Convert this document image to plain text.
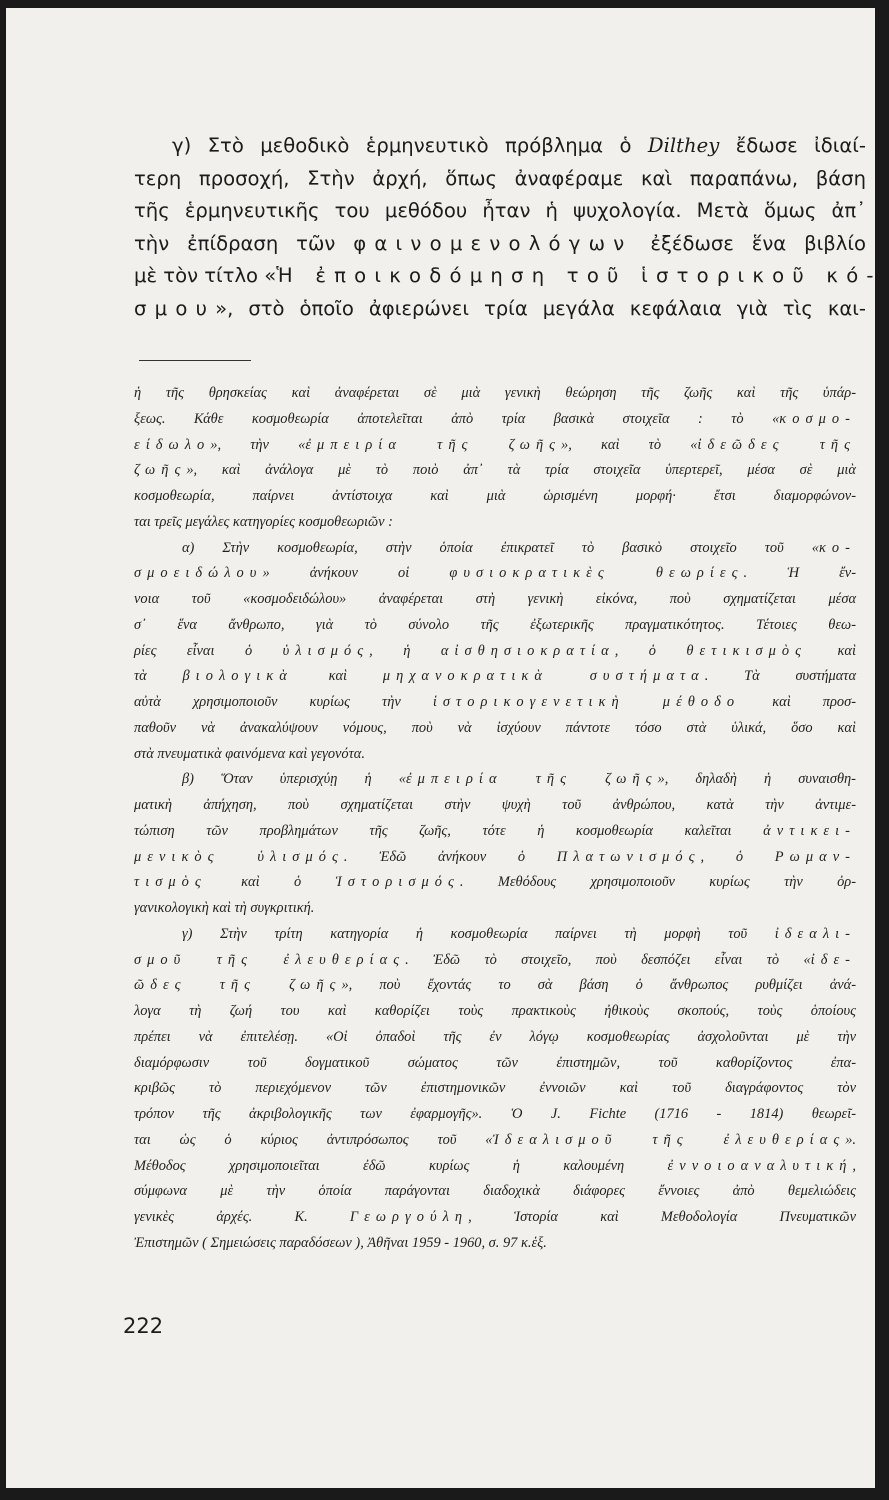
γ) Στὸ μεθοδικὸ ἑρμηνευτικὸ πρόβλημα ὁ Dilthey ἔδωσε ἰδιαί-
τερη προσοχή, Στὴν ἀρχή, ὅπως ἀναφέραμε καὶ παραπάνω, βάση
τῆς ἑρμηνευτικῆς του μεθόδου ἦταν ἡ ψυχολογία. Μετὰ ὅμως ἀπ᾿
τὴν ἐπίδραση τῶν φαινομενολόγων ἐξέδωσε ἕνα βιβλίο
μὲ τὸν τίτλο «Ἡ ἐποικοδόμηση τοῦ ἱστορικοῦ κό-
σμου», στὸ ὁποῖο ἀφιερώνει τρία μεγάλα κεφάλαια γιὰ τὶς και-
ἡ τῆς θρησκείας καὶ ἀναφέρεται σὲ μιὰ γενικὴ θεώρηση τῆς ζωῆς καὶ τῆς ὑπάρ-
ξεως. Κάθε κοσμοθεωρία ἀποτελεῖται ἀπὸ τρία βασικὰ στοιχεῖα : τὸ «κοσμο-
είδωλο», τὴν «ἐμπειρία τῆς ζωῆς», καὶ τὸ «ἰδεῶδες τῆς
ζωῆς», καὶ ἀνάλογα μὲ τὸ ποιὸ ἀπ᾿ τὰ τρία στοιχεῖα ὑπερτερεῖ, μέσα σὲ μιὰ
κοσμοθεωρία, παίρνει ἀντίστοιχα καὶ μιὰ ὡρισμένη μορφή· ἔτσι διαμορφώνον-
ται τρεῖς μεγάλες κατηγορίες κοσμοθεωριῶν :
α) Στὴν κοσμοθεωρία, στὴν ὁποία ἐπικρατεῖ τὸ βασικὸ στοιχεῖο τοῦ «κο-
σμοειδώλου» ἀνήκουν οἱ φυσιοκρατικὲς θεωρίες. Ἡ ἔν-
νοια τοῦ «κοσμοδειδώλου» ἀναφέρεται στὴ γενικὴ εἰκόνα, ποὺ σχηματίζεται μέσα
σ᾿ ἕνα ἄνθρωπο, γιὰ τὸ σύνολο τῆς ἐξωτερικῆς πραγματικότητος. Τέτοιες θεω-
ρίες εἶναι ὁ ὑλισμός, ἡ αἰσθησιοκρατία, ὁ θετικισμὸς καὶ
τὰ βιολογικὰ καὶ μηχανοκρατικὰ συστήματα. Τὰ συστήματα
αὐτὰ χρησιμοποιοῦν κυρίως τὴν ἱστορικογενετικὴ μέθοδο καὶ προσ-
παθοῦν νὰ ἀνακαλύψουν νόμους, ποὺ νὰ ἰσχύουν πάντοτε τόσο στὰ ὑλικά, ὅσο καὶ
στὰ πνευματικὰ φαινόμενα καὶ γεγονότα.
β) Ὅταν ὑπερισχύῃ ἡ «ἐμπειρία τῆς ζωῆς», δηλαδὴ ἡ συναισθη-
ματικὴ ἀπήχηση, ποὺ σχηματίζεται στὴν ψυχὴ τοῦ ἀνθρώπου, κατὰ τὴν ἀντιμε-
τώπιση τῶν προβλημάτων τῆς ζωῆς, τότε ἡ κοσμοθεωρία καλεῖται ἀντικει-
μενικὸς ὑλισμός. Ἐδῶ ἀνήκουν ὁ Πλατωνισμός, ὁ Ρωμαν-
τισμὸς καὶ ὁ Ἱστορισμός. Μεθόδους χρησιμοποιοῦν κυρίως τὴν ὀρ-
γανικολογικὴ καὶ τὴ συγκριτική.
γ) Στὴν τρίτη κατηγορία ἡ κοσμοθεωρία παίρνει τὴ μορφὴ τοῦ ἰδεαλι-
σμοῦ τῆς ἐλευθερίας. Ἐδῶ τὸ στοιχεῖο, ποὺ δεσπόζει εἶναι τὸ «ἰδε-
ῶδες τῆς ζωῆς», ποὺ ἔχοντάς το σὰ βάση ὁ ἄνθρωπος ρυθμίζει ἀνά-
λογα τὴ ζωή του καὶ καθορίζει τοὺς πρακτικοὺς ἠθικοὺς σκοπούς, τοὺς ὁποίους
πρέπει νὰ ἐπιτελέσῃ. «Οἱ ὀπαδοὶ τῆς ἐν λόγῳ κοσμοθεωρίας ἀσχολοῦνται μὲ τὴν
διαμόρφωσιν τοῦ δογματικοῦ σώματος τῶν ἐπιστημῶν, τοῦ καθορίζοντος ἐπα-
κριβῶς τὸ περιεχόμενον τῶν ἐπιστημονικῶν ἐννοιῶν καὶ τοῦ διαγράφοντος τὸν
τρόπον τῆς ἀκριβολογικῆς των ἐφαρμογῆς». Ὁ J. Fichte (1716 - 1814) θεωρεῖ-
ται ὡς ὁ κύριος ἀντιπρόσωπος τοῦ «Ἰδεαλισμοῦ τῆς ἐλευθερίας».
Μέθοδος χρησιμοποιεῖται ἐδῶ κυρίως ἡ καλουμένη ἐννοιοαναλυτική,
σύμφωνα μὲ τὴν ὁποία παράγονται διαδοχικὰ διάφορες ἔννοιες ἀπὸ θεμελιώδεις
γενικὲς ἀρχές. Κ. Γεωργούλη, Ἱστορία καὶ Μεθοδολογία Πνευματικῶν
Ἐπιστημῶν ( Σημειώσεις παραδόσεων ), Ἀθῆναι 1959 - 1960, σ. 97 κ.ἑξ.
222
